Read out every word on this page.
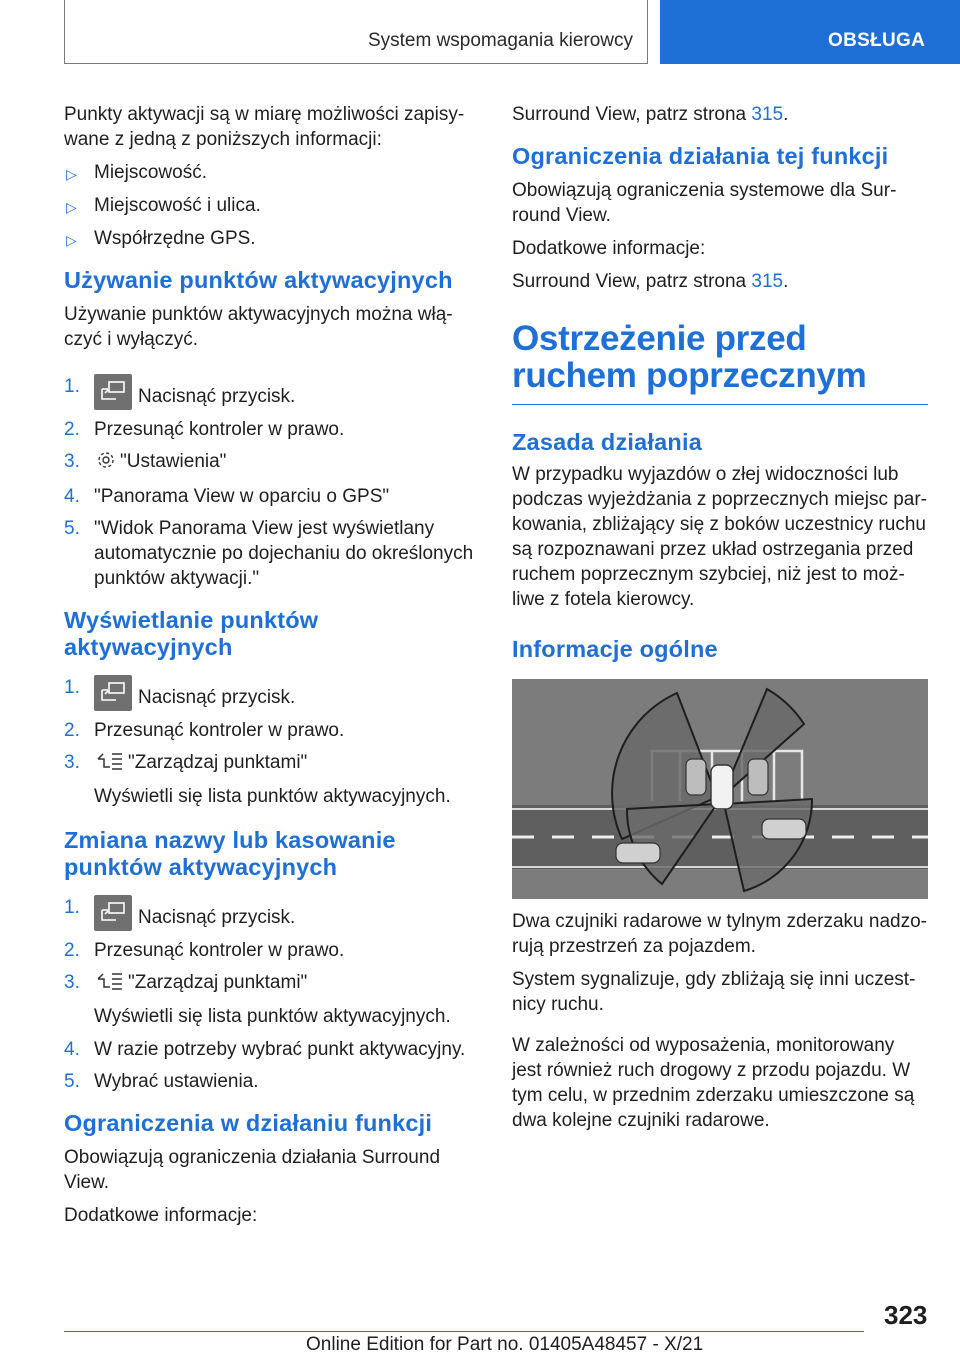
System wspomagania kierowcy	OBSŁUGA

Punkty aktywacji są w miarę możliwości zapisy- wane z jedną z poniższych informacji:

▷ Miejscowość.
▷ Miejscowość i ulica.
▷ Współrzędne GPS.
Używanie punktów aktywacyjnych

Używanie punktów aktywacyjnych można włą- czyć i wyłączyć.

1.	Nacisnąć przycisk.
2. Przesunąć kontroler w prawo.
3. "Ustawienia"
4. "Panorama View w oparciu o GPS"
5. "Widok Panorama View jest wyświetlany automatycznie po dojechaniu do określonych punktów aktywacji."
Wyświetlanie punktów aktywacyjnych
1.	Nacisnąć przycisk.
2. Przesunąć kontroler w prawo.
3.	"Zarządzaj punktami"

Wyświetli się lista punktów aktywacyjnych.

Zmiana nazwy lub kasowanie punktów aktywacyjnych
1.	Nacisnąć przycisk.
2. Przesunąć kontroler w prawo.
3.	"Zarządzaj punktami"

Wyświetli się lista punktów aktywacyjnych.

4. W razie potrzeby wybrać punkt aktywacyjny.
5. Wybrać ustawienia.
Ograniczenia w działaniu funkcji

Obowiązują ograniczenia działania Surround View.

Dodatkowe informacje:

Surround View, patrz strona 315.

Ograniczenia działania tej funkcji

Obowiązują ograniczenia systemowe dla Sur- round View.

Dodatkowe informacje:

Surround View, patrz strona 315.

Ostrzeżenie przed ruchem poprzecznym
Zasada działania

W przypadku wyjazdów o złej widoczności lub podczas wyjeżdżania z poprzecznych miejsc par- kowania, zbliżający się z boków uczestnicy ruchu są rozpoznawani przez układ ostrzegania przed ruchem poprzecznym szybciej, niż jest to moż- liwe z fotela kierowcy.

Informacje ogólne

Dwa czujniki radarowe w tylnym zderzaku nadzo- rują przestrzeń za pojazdem.

System sygnalizuje, gdy zbliżają się inni uczest- nicy ruchu.

W zależności od wyposażenia, monitorowany jest również ruch drogowy z przodu pojazdu. W tym celu, w przednim zderzaku umieszczone są dwa kolejne czujniki radarowe.

323
Online Edition for Part no. 01405A48457 - X/21
